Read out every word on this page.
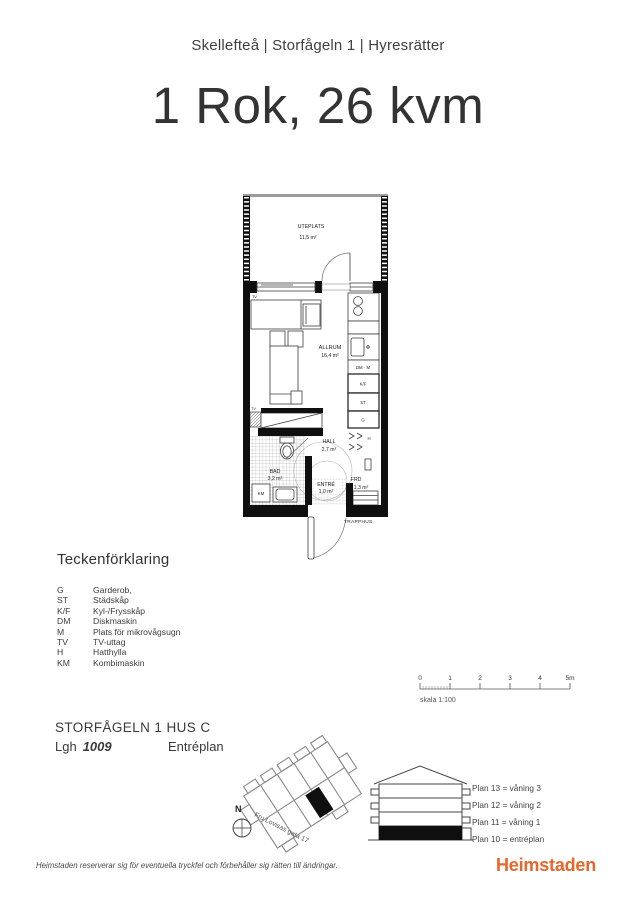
Skellefteå | Storfågeln 1 | Hyresrätter
1 Rok, 26 kvm
UTEPLATS
11,5 m²
ALLRUM
16,4 m²
HALL
2,7 m²
BAD
3,2 m²
ENTRÉ
1,0 m²
FRD
1,3 m²
TRAPPHUS
TV
TV
DM · M
K/F
ST
G
H
KM
Teckenförklaring
G	Garderob,
ST	Städskåp
K/F	Kyl-/Frysskåp
DM	Diskmaskin
M	Plats för mikrovågsugn
TV	TV-uttag
H	Hatthylla
KM	Kombimaskin
0	1	2	3	4	5m
skala 1:100
STORFÅGELN 1 HUS C
Lgh 1009	Entréplan
N
Fru Lovisas gata 17
Plan 13 = våning 3
Plan 12 = våning 2
Plan 11 = våning 1
Plan 10 = entréplan
Heimstaden reserverar sig för eventuella tryckfel och förbehåller sig rätten till ändringar.	Heimstaden
